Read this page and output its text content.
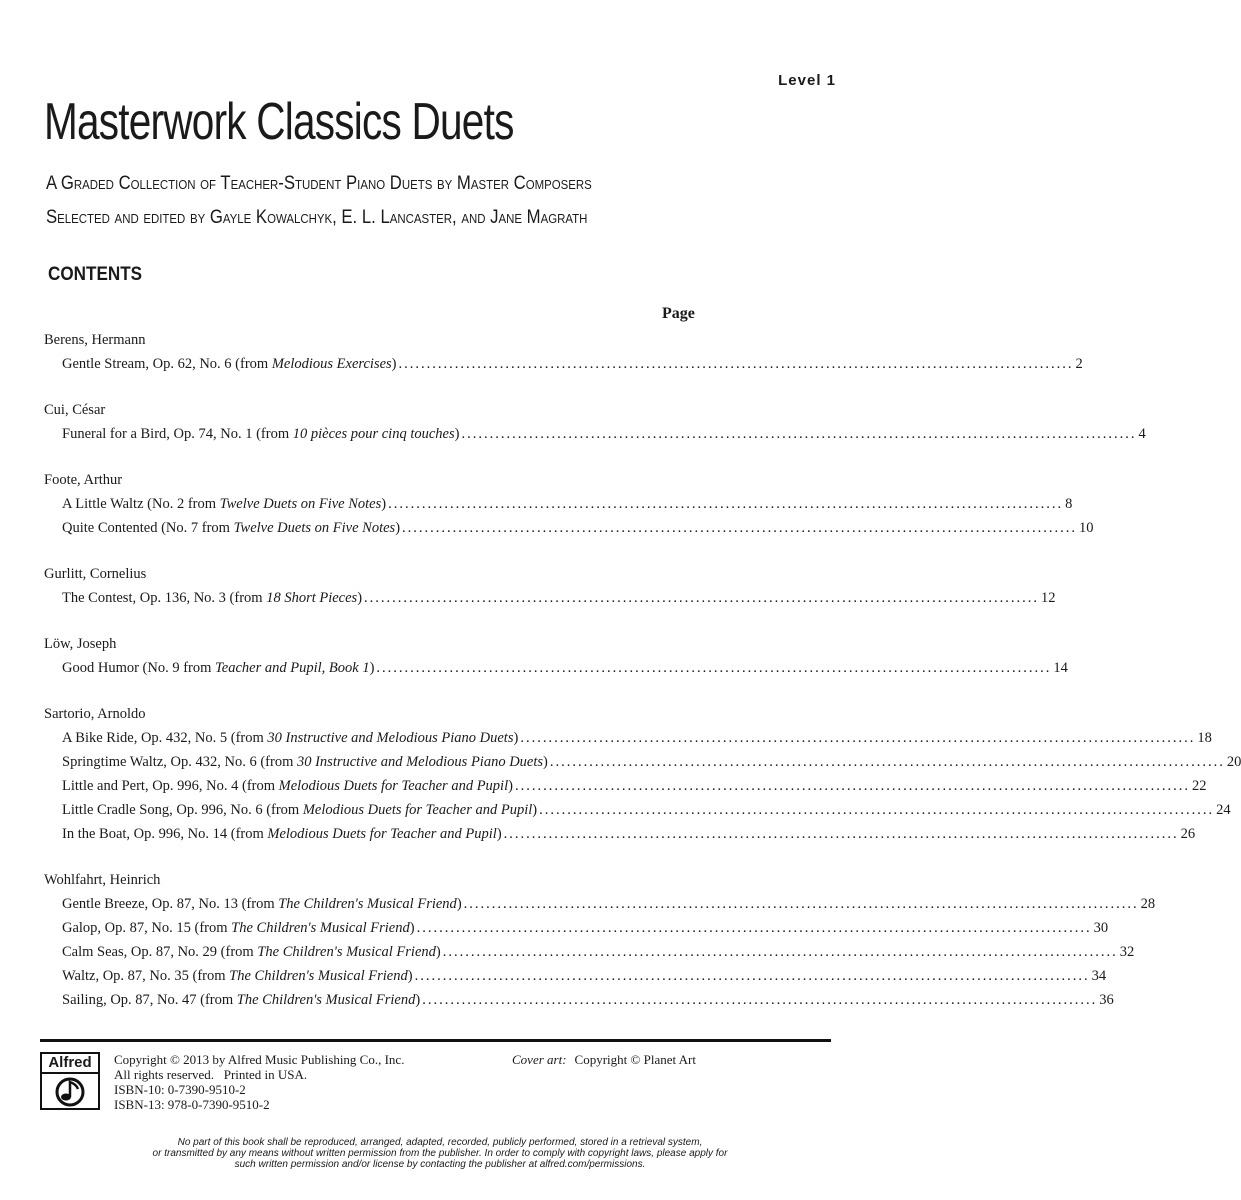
Level 1
Masterwork Classics Duets
A Graded Collection of Teacher-Student Piano Duets by Master Composers
Selected and edited by Gayle Kowalchyk, E. L. Lancaster, and Jane Magrath
CONTENTS
Page
Berens, Hermann
Gentle Stream, Op. 62, No. 6 (from Melodious Exercises) ........................................................................................................................ 2
Cui, César
Funeral for a Bird, Op. 74, No. 1 (from 10 pièces pour cinq touches) ........................................................................................................................ 4
Foote, Arthur
A Little Waltz (No. 2 from Twelve Duets on Five Notes) ........................................................................................................................ 8
Quite Contented (No. 7 from Twelve Duets on Five Notes) ........................................................................................................................ 10
Gurlitt, Cornelius
The Contest, Op. 136, No. 3 (from 18 Short Pieces) ........................................................................................................................ 12
Löw, Joseph
Good Humor (No. 9 from Teacher and Pupil, Book 1) ........................................................................................................................ 14
Sartorio, Arnoldo
A Bike Ride, Op. 432, No. 5 (from 30 Instructive and Melodious Piano Duets) ........................................................................................................................ 18
Springtime Waltz, Op. 432, No. 6 (from 30 Instructive and Melodious Piano Duets) ........................................................................................................................ 20
Little and Pert, Op. 996, No. 4 (from Melodious Duets for Teacher and Pupil) ........................................................................................................................ 22
Little Cradle Song, Op. 996, No. 6 (from Melodious Duets for Teacher and Pupil) ........................................................................................................................ 24
In the Boat, Op. 996, No. 14 (from Melodious Duets for Teacher and Pupil) ........................................................................................................................ 26
Wohlfahrt, Heinrich
Gentle Breeze, Op. 87, No. 13 (from The Children's Musical Friend) ........................................................................................................................ 28
Galop, Op. 87, No. 15 (from The Children's Musical Friend) ........................................................................................................................ 30
Calm Seas, Op. 87, No. 29 (from The Children's Musical Friend) ........................................................................................................................ 32
Waltz, Op. 87, No. 35 (from The Children's Musical Friend) ........................................................................................................................ 34
Sailing, Op. 87, No. 47 (from The Children's Musical Friend) ........................................................................................................................ 36
Alfred	Copyright © 2013 by Alfred Music Publishing Co., Inc.
All rights reserved.   Printed in USA.
ISBN-10: 0-7390-9510-2
ISBN-13: 978-0-7390-9510-2
Cover art: Copyright © Planet Art
No part of this book shall be reproduced, arranged, adapted, recorded, publicly performed, stored in a retrieval system,
or transmitted by any means without written permission from the publisher. In order to comply with copyright laws, please apply for
such written permission and/or license by contacting the publisher at alfred.com/permissions.
